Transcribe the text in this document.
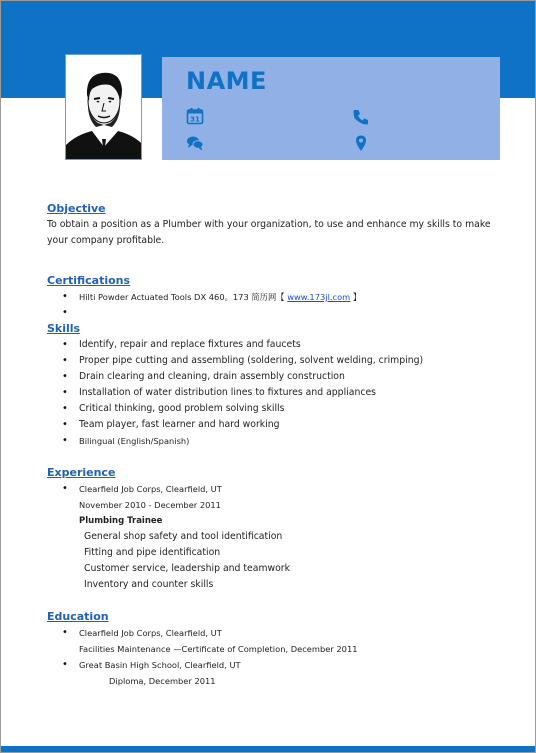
NAME
31
Objective
To obtain a position as a Plumber with your organization, to use and enhance my skills to make your company profitable.
Certifications
• Hilti Powder Actuated Tools DX 460。173 简历网【 www.173jl.com 】
•
Skills
• Identify, repair and replace fixtures and faucets
• Proper pipe cutting and assembling (soldering, solvent welding, crimping)
• Drain clearing and cleaning, drain assembly construction
• Installation of water distribution lines to fixtures and appliances
• Critical thinking, good problem solving skills
• Team player, fast learner and hard working
• Bilingual (English/Spanish)
Experience
• Clearfield Job Corps, Clearfield, UT
November 2010 - December 2011
Plumbing Trainee
General shop safety and tool identification
Fitting and pipe identification
Customer service, leadership and teamwork
Inventory and counter skills
Education
• Clearfield Job Corps, Clearfield, UT
Facilities Maintenance —Certificate of Completion, December 2011
• Great Basin High School, Clearfield, UT
Diploma, December 2011
